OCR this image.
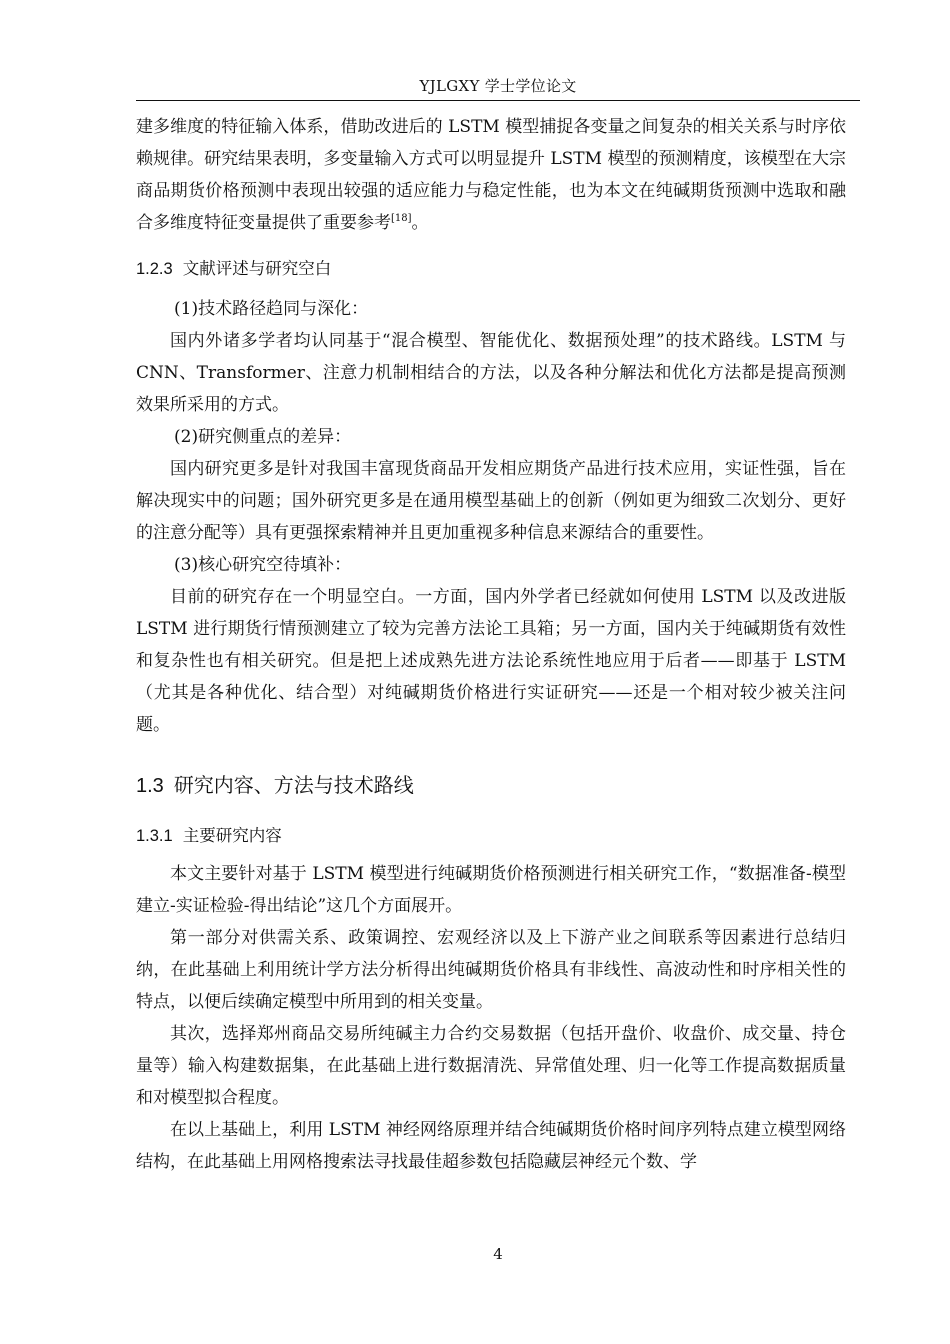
YJLGXY 学士学位论文

建多维度的特征输入体系，借助改进后的 LSTM 模型捕捉各变量之间复杂的相关关系与时序依赖规律。研究结果表明，多变量输入方式可以明显提升 LSTM 模型的预测精度，该模型在大宗商品期货价格预测中表现出较强的适应能力与稳定性能，也为本文在纯碱期货预测中选取和融合多维度特征变量提供了重要参考[18]。

1.2.3 文献评述与研究空白

(1)技术路径趋同与深化：

国内外诸多学者均认同基于“混合模型、智能优化、数据预处理”的技术路线。LSTM 与 CNN、Transformer、注意力机制相结合的方法，以及各种分解法和优化方法都是提高预测效果所采用的方式。

(2)研究侧重点的差异：

国内研究更多是针对我国丰富现货商品开发相应期货产品进行技术应用，实证性强，旨在解决现实中的问题；国外研究更多是在通用模型基础上的创新（例如更为细致二次划分、更好的注意分配等）具有更强探索精神并且更加重视多种信息来源结合的重要性。

(3)核心研究空待填补：

目前的研究存在一个明显空白。一方面，国内外学者已经就如何使用 LSTM 以及改进版 LSTM 进行期货行情预测建立了较为完善方法论工具箱；另一方面，国内关于纯碱期货有效性和复杂性也有相关研究。但是把上述成熟先进方法论系统性地应用于后者——即基于 LSTM（尤其是各种优化、结合型）对纯碱期货价格进行实证研究——还是一个相对较少被关注问题。

1.3 研究内容、方法与技术路线
1.3.1 主要研究内容

本文主要针对基于 LSTM 模型进行纯碱期货价格预测进行相关研究工作，“数据准备-模型建立-实证检验-得出结论”这几个方面展开。

第一部分对供需关系、政策调控、宏观经济以及上下游产业之间联系等因素进行总结归纳，在此基础上利用统计学方法分析得出纯碱期货价格具有非线性、高波动性和时序相关性的特点，以便后续确定模型中所用到的相关变量。

其次，选择郑州商品交易所纯碱主力合约交易数据（包括开盘价、收盘价、成交量、持仓量等）输入构建数据集，在此基础上进行数据清洗、异常值处理、归一化等工作提高数据质量和对模型拟合程度。

在以上基础上，利用 LSTM 神经网络原理并结合纯碱期货价格时间序列特点建立模型网络结构，在此基础上用网格搜索法寻找最佳超参数包括隐藏层神经元个数、学

4
